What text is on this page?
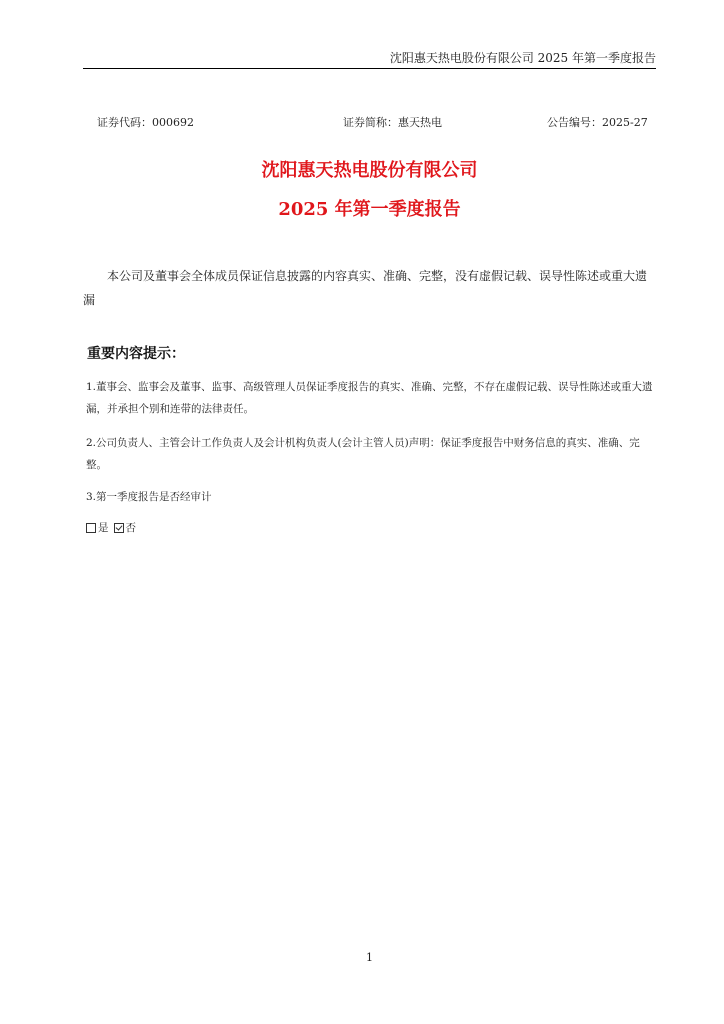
沈阳惠天热电股份有限公司 2025 年第一季度报告
证券代码：000692	证券简称：惠天热电	公告编号：2025-27
沈阳惠天热电股份有限公司
2025 年第一季度报告
本公司及董事会全体成员保证信息披露的内容真实、准确、完整，没有虚假记载、误导性陈述或重大遗漏
重要内容提示：
1.董事会、监事会及董事、监事、高级管理人员保证季度报告的真实、准确、完整，不存在虚假记载、误导性陈述或重大遗漏，并承担个别和连带的法律责任。
2.公司负责人、主管会计工作负责人及会计机构负责人(会计主管人员)声明：保证季度报告中财务信息的真实、准确、完整。
3.第一季度报告是否经审计
是 否
1
